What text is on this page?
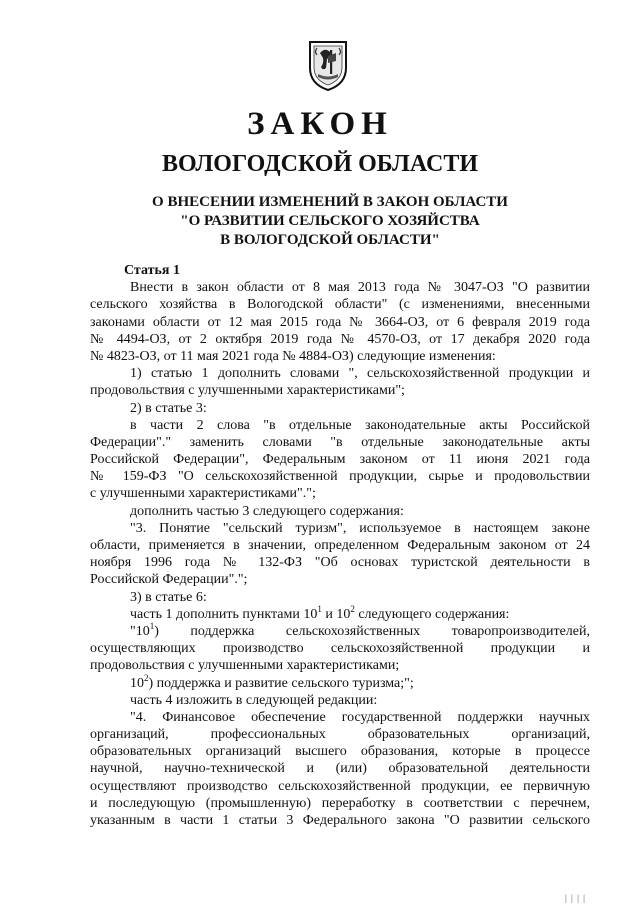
ЗАКОН
ВОЛОГОДСКОЙ ОБЛАСТИ
О ВНЕСЕНИИ ИЗМЕНЕНИЙ В ЗАКОН ОБЛАСТИ
"О РАЗВИТИИ СЕЛЬСКОГО ХОЗЯЙСТВА
В ВОЛОГОДСКОЙ ОБЛАСТИ"
Статья 1
Внести в закон области от 8 мая 2013 года № 3047-ОЗ "О развитии
сельского хозяйства в Вологодской области" (с изменениями, внесенными
законами области от 12 мая 2015 года № 3664-ОЗ, от 6 февраля 2019 года
№ 4494-ОЗ, от 2 октября 2019 года № 4570-ОЗ, от 17 декабря 2020 года
№ 4823-ОЗ, от 11 мая 2021 года № 4884-ОЗ) следующие изменения:
1) статью 1 дополнить словами ", сельскохозяйственной продукции и
продовольствия с улучшенными характеристиками";
2) в статье 3:
в части 2 слова "в отдельные законодательные акты Российской
Федерации"." заменить словами "в отдельные законодательные акты
Российской Федерации", Федеральным законом от 11 июня 2021 года
№ 159-ФЗ "О сельскохозяйственной продукции, сырье и продовольствии
с улучшенными характеристиками".";
дополнить частью 3 следующего содержания:
"3. Понятие "сельский туризм", используемое в настоящем законе
области, применяется в значении, определенном Федеральным законом от 24
ноября 1996 года № 132-ФЗ "Об основах туристской деятельности в
Российской Федерации".";
3) в статье 6:
часть 1 дополнить пунктами $10^1$ и $10^2$ следующего содержания:
"$10^1$) поддержка сельскохозяйственных товаропроизводителей,
осуществляющих производство сельскохозяйственной продукции и
продовольствия с улучшенными характеристиками;
$10^2$) поддержка и развитие сельского туризма;";
часть 4 изложить в следующей редакции:
"4. Финансовое обеспечение государственной поддержки научных
организаций, профессиональных образовательных организаций,
образовательных организаций высшего образования, которые в процессе
научной, научно-технической и (или) образовательной деятельности
осуществляют производство сельскохозяйственной продукции, ее первичную
и последующую (промышленную) переработку в соответствии с перечнем,
указанным в части 1 статьи 3 Федерального закона "О развитии сельского
| | | |
